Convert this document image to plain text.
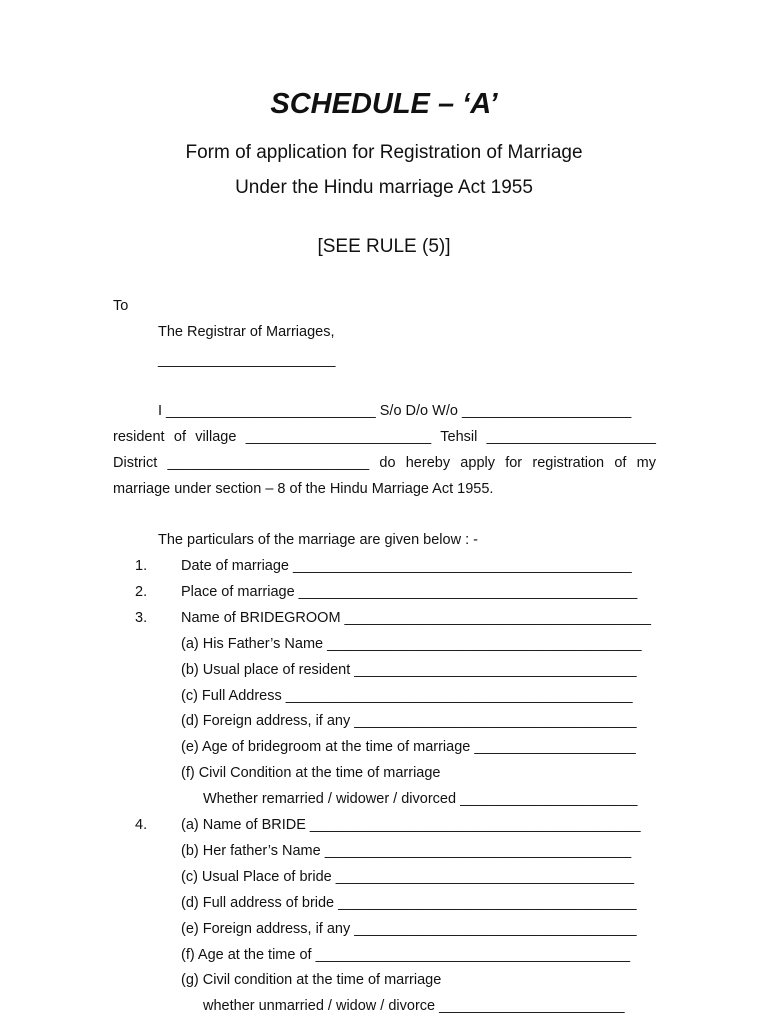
SCHEDULE – ‘A’
Form of application for Registration of Marriage
Under the Hindu marriage Act 1955
[SEE RULE (5)]
To
The Registrar of Marriages,
______________________
I __________________________ S/o D/o W/o _____________________
resident of village _______________________ Tehsil _____________________
District _________________________ do hereby apply for registration of my
marriage under section – 8 of the Hindu Marriage Act 1955.
The particulars of the marriage are given below : -
1. Date of marriage __________________________________________
2. Place of marriage __________________________________________
3. Name of BRIDEGROOM ______________________________________
(a) His Father’s Name _______________________________________
(b) Usual place of resident ___________________________________
(c) Full Address ___________________________________________
(d) Foreign address, if any ___________________________________
(e) Age of bridegroom at the time of marriage ____________________
(f) Civil Condition at the time of marriage
Whether remarried / widower / divorced ______________________
4. (a) Name of BRIDE _________________________________________
(b) Her father’s Name ______________________________________
(c) Usual Place of bride _____________________________________
(d) Full address of bride _____________________________________
(e) Foreign address, if any ___________________________________
(f) Age at the time of _______________________________________
(g) Civil condition at the time of marriage
whether unmarried / widow / divorce _______________________
